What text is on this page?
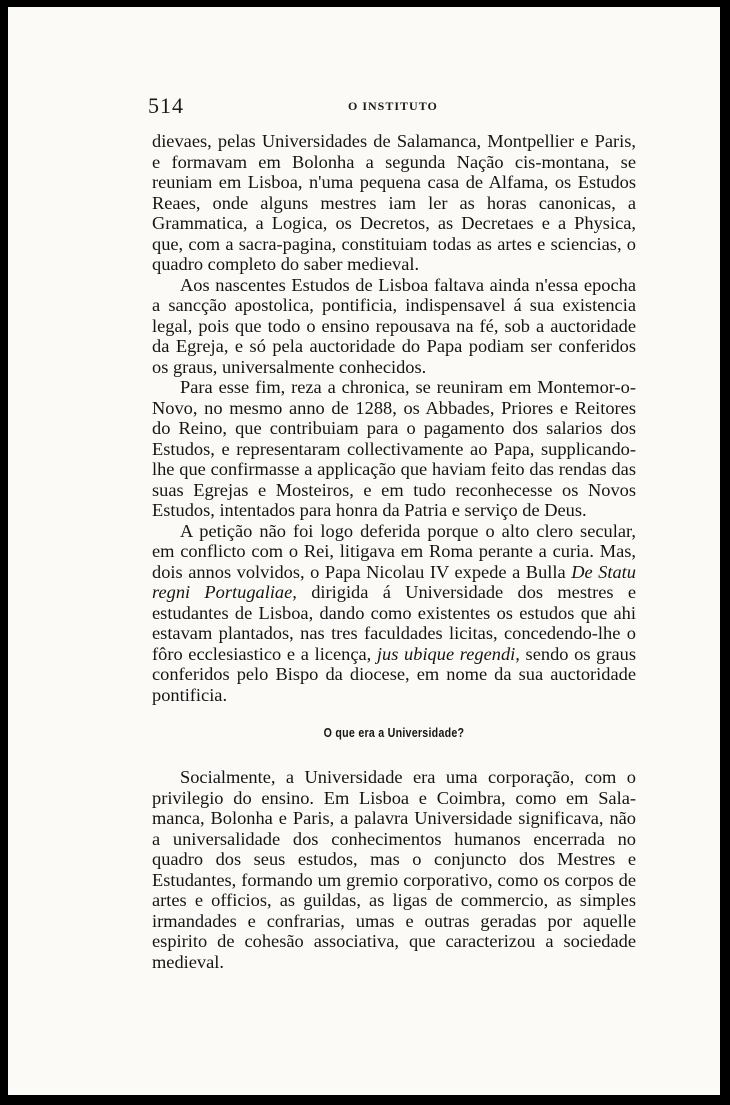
514	O INSTITUTO

dievaes, pelas Universidades de Salamanca, Montpellier e Paris, e formavam em Bolonha a segunda Nação cis-montana, se reuniam em Lisboa, n'uma pequena casa de Alfama, os Estudos Reaes, onde alguns mestres iam ler as horas canonicas, a Grammatica, a Logica, os Decretos, as Decretaes e a Physica, que, com a sacra-pagina, constituiam todas as artes e sciencias, o quadro completo do saber medieval.

Aos nascentes Estudos de Lisboa faltava ainda n'essa epocha a sancção apostolica, pontificia, indispensavel á sua existencia legal, pois que todo o ensino repousava na fé, sob a auctoridade da Egreja, e só pela auctoridade do Papa podiam ser conferidos os graus, universalmente conhecidos.

Para esse fim, reza a chronica, se reuniram em Montemor-o-Novo, no mesmo anno de 1288, os Abbades, Priores e Reitores do Reino, que contribuiam para o pagamento dos salarios dos Estudos, e representaram collectivamente ao Papa, supplicando-lhe que confirmasse a applicação que haviam feito das rendas das suas Egrejas e Mosteiros, e em tudo reconhecesse os Novos Estudos, intentados para honra da Patria e serviço de Deus.

A petição não foi logo deferida porque o alto clero secular, em conflicto com o Rei, litigava em Roma perante a curia. Mas, dois annos volvidos, o Papa Nicolau IV expede a Bulla De Statu regni Portugaliae, dirigida á Universidade dos mestres e estudantes de Lisboa, dando como existentes os estudos que ahi estavam plantados, nas tres faculdades licitas, concedendo-lhe o fôro ecclesiastico e a licença, jus ubique regendi, sendo os graus conferidos pelo Bispo da diocese, em nome da sua auctoridade pontificia.

O que era a Universidade?

Socialmente, a Universidade era uma corporação, com o privilegio do ensino. Em Lisboa e Coimbra, como em Salamanca, Bolonha e Paris, a palavra Universidade significava, não a universalidade dos conhecimentos humanos encerrada no quadro dos seus estudos, mas o conjuncto dos Mestres e Estudantes, formando um gremio corporativo, como os corpos de artes e officios, as guildas, as ligas de commercio, as simples irmandades e confrarias, umas e outras geradas por aquelle espirito de cohesão associativa, que caracterizou a sociedade medieval.
